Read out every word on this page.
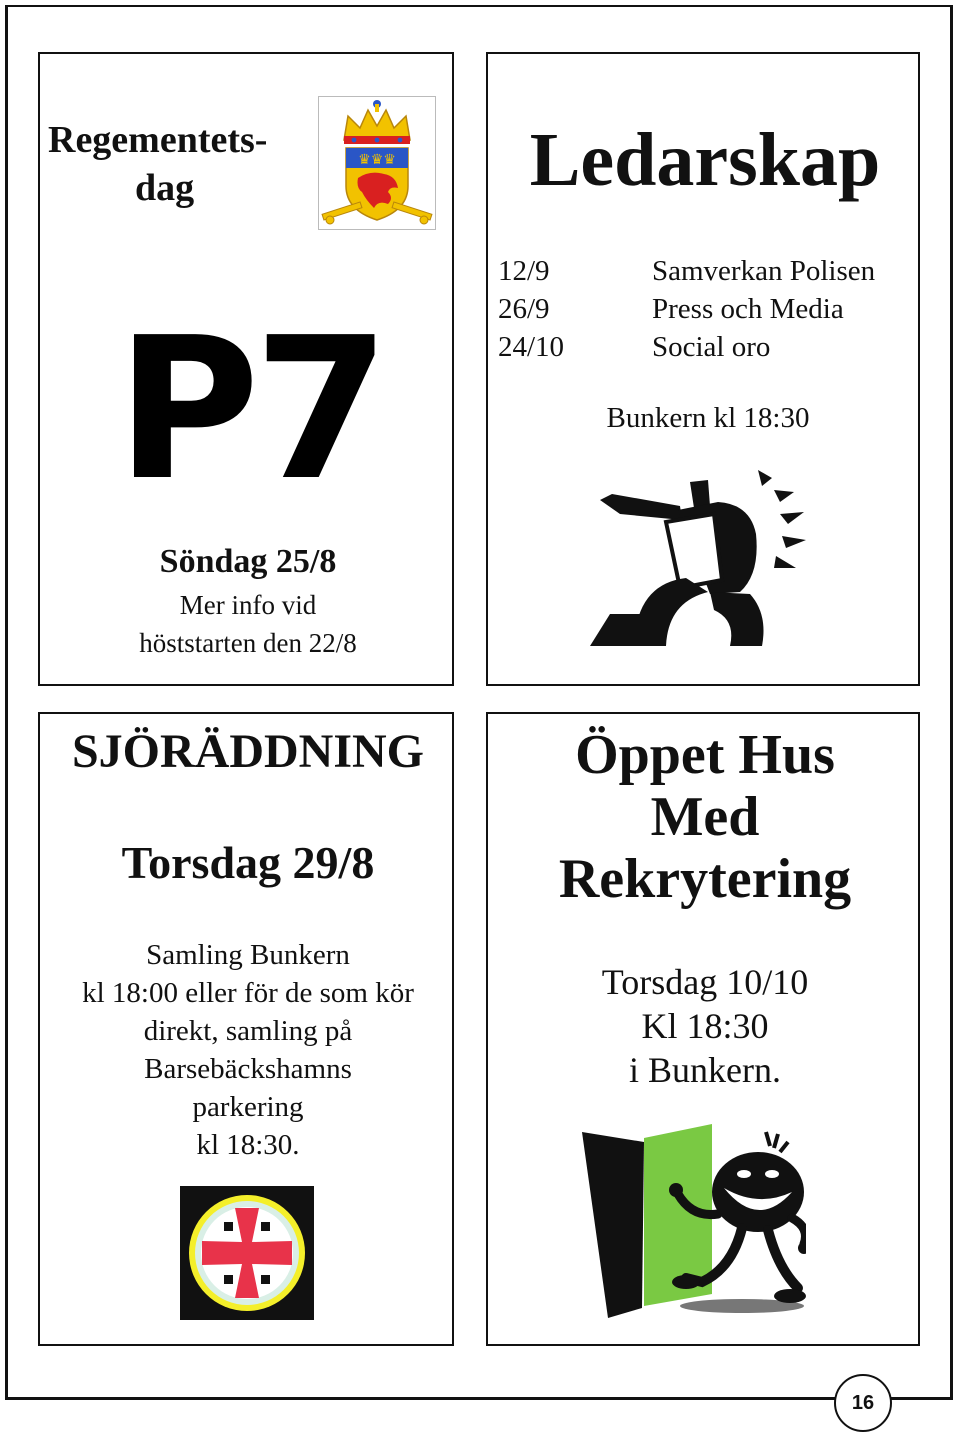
Regementets-
dag
♛♛♛
P7
Söndag 25/8
Mer info vid
höststarten den 22/8
Ledarskap
12/9	Samverkan Polisen
26/9	Press och Media
24/10	Social oro
Bunkern kl 18:30
SJÖRÄDDNING
Torsdag 29/8
Samling Bunkern
kl 18:00 eller för de som kör
direkt, samling på
Barsebäckshamns
parkering
kl 18:30.
Öppet Hus
Med
Rekrytering
Torsdag 10/10
Kl 18:30
i Bunkern.
16
